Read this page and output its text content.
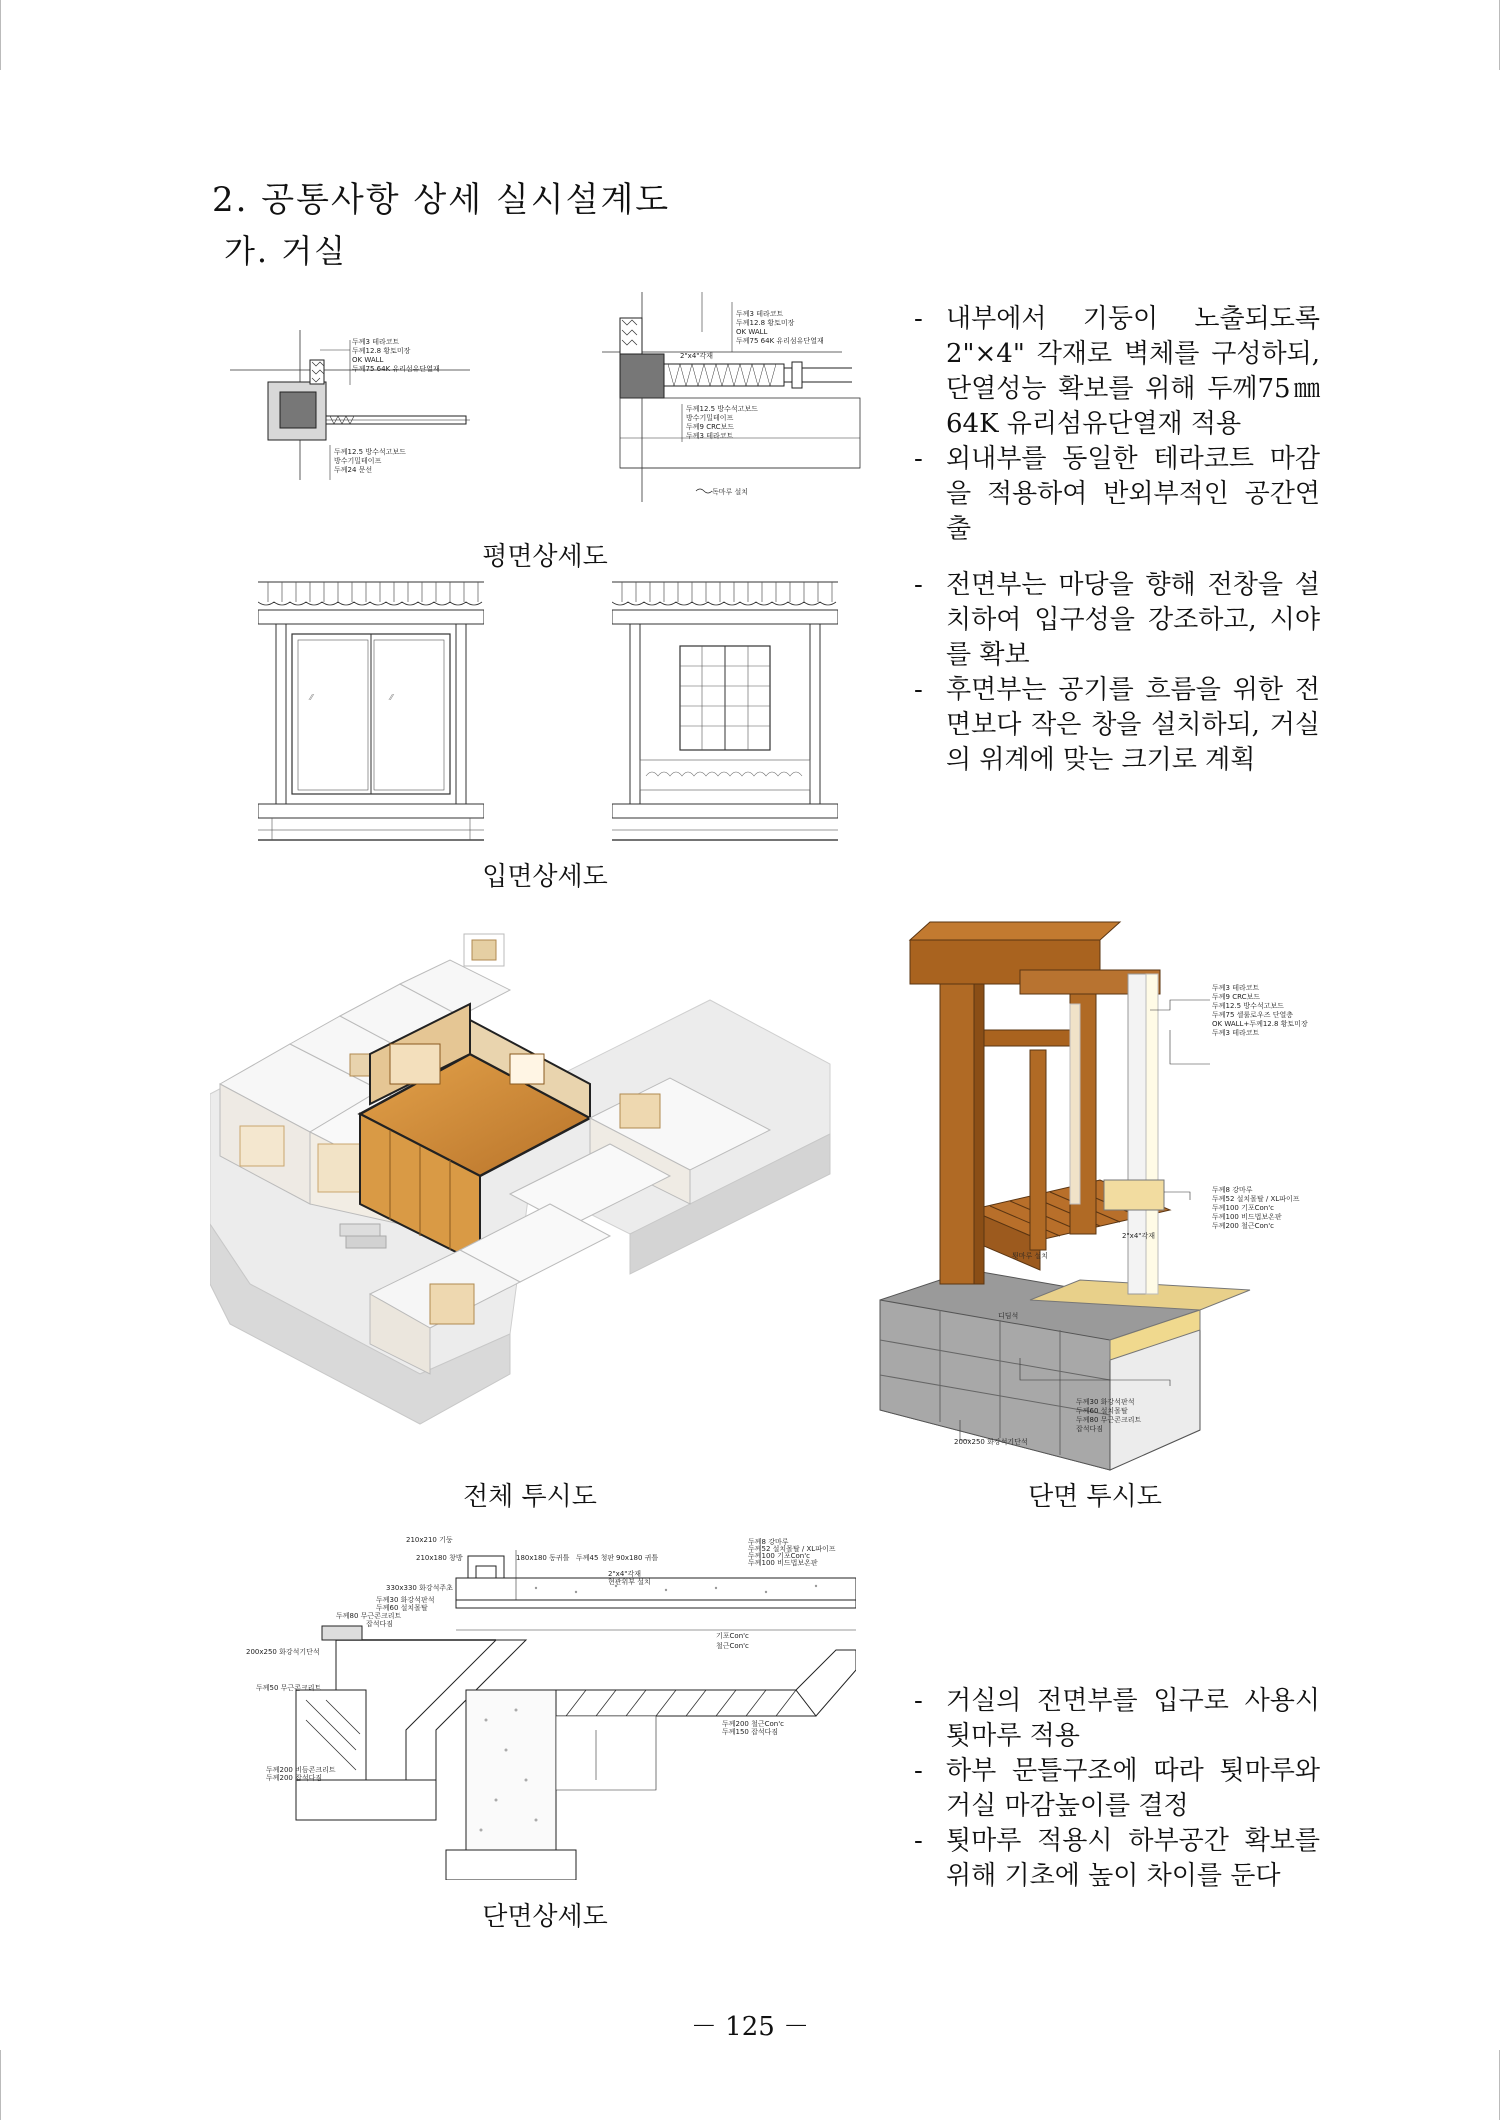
2. 공통사항 상세 실시설계도
가. 거실
두께3 테라코트
두께12.8 황토미장
OK WALL
두께75 64K 유리섬유단열재
두께12.5 방수석고보드
방수기밀테이프
두께24 문선
두께3 테라코트
두께12.8 황토미장
OK WALL
두께75 64K 유리섬유단열재
2"x4"각재
두께12.5 방수석고보드
방수기밀테이프
두께9 CRC보드
두께3 테라코트
독마루 설치
평면상세도
- 내부에서 기둥이 노출되도록 2"×4" 각재로 벽체를 구성하되, 단열성능 확보를 위해 두께75㎜ 64K 유리섬유단열재 적용
- 외내부를 동일한 테라코트 마감을 적용하여 반외부적인 공간연출
⁄⁄	⁄⁄
- 전면부는 마당을 향해 전창을 설치하여 입구성을 강조하고, 시야를 확보
- 후면부는 공기를 흐름을 위한 전면보다 작은 창을 설치하되, 거실의 위계에 맞는 크기로 계획
입면상세도
두께3 테라코트
두께9 CRC보드
두께12.5 방수석고보드
두께75 셀룰로우즈 단열층
OK WALL+두께12.8 황토미장
두께3 테라코트
두께8 강마루
두께52 설치몰탈 / XL파이프
두께100 기포Con'c
두께100 비드법보온판
두께200 철근Con'c
2"x4"각재
툇마루 설치
디딤석
두께30 화강석판석
두께60 설치몰탈
두께80 무근콘크리트
잡석다짐
200x250 화강석기단석
전체 투시도	단면 투시도
210x210 기둥
210x180 창방	180x180 동귀틀 두께45 청판 90x180 귀틀
330x330 화강석주초
두께30 화강석판석
두께60 설치몰탈
두께80 무근콘크리트
잡석다짐
200x250 화강석기단석
두께50 무근콘크리트
두께200 비듬콘크리트
두께200 잡석다짐
2"x4"각재
현관위부 설치
기포Con'c
철근Con'c
두께8 강마루
두께52 설치몰탈 / XL파이프
두께100 기포Con'c
두께100 비드법보온판
두께200 철근Con'c
두께150 잡석다짐
단면상세도
- 거실의 전면부를 입구로 사용시 툇마루 적용
- 하부 문틀구조에 따라 툇마루와 거실 마감높이를 결정
- 툇마루 적용시 하부공간 확보를 위해 기초에 높이 차이를 둔다
－ 125 －
